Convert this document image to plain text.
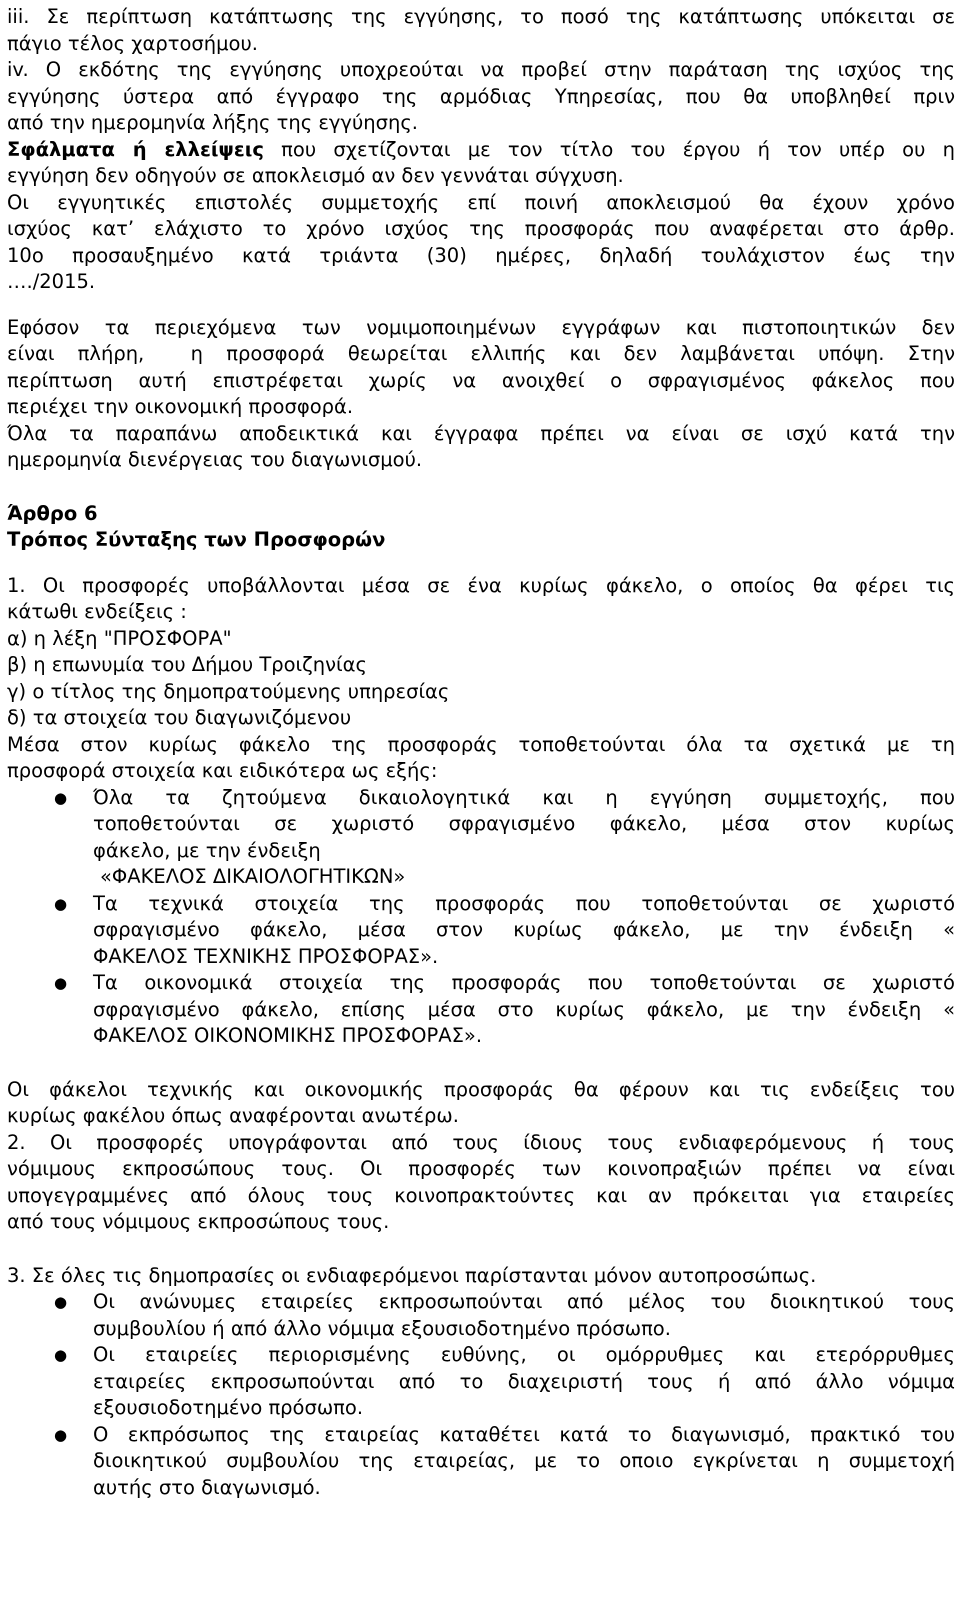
iii. Σε περίπτωση κατάπτωσης της εγγύησης, το ποσό της κατάπτωσης υπόκειται σε
πάγιο τέλος χαρτοσήμου.
iv. Ο εκδότης της εγγύησης υποχρεούται να προβεί στην παράταση της ισχύος της
εγγύησης ύστερα από έγγραφο της αρμόδιας Υπηρεσίας, που θα υποβληθεί πριν
από την ημερομηνία λήξης της εγγύησης.
Σφάλματα ή ελλείψεις που σχετίζονται με τον τίτλο του έργου ή τον υπέρ ου η
εγγύηση δεν οδηγούν σε αποκλεισμό αν δεν γεννάται σύγχυση.
Οι εγγυητικές επιστολές συμμετοχής επί ποινή αποκλεισμού θα έχουν χρόνο
ισχύος κατ’ ελάχιστο το χρόνο ισχύος της προσφοράς που αναφέρεται στο άρθρ.
10ο προσαυξημένο κατά τριάντα (30) ημέρες, δηλαδή τουλάχιστον έως την
…./2015.
Εφόσον τα περιεχόμενα των νομιμοποιημένων εγγράφων και πιστοποιητικών δεν
είναι πλήρη,  η προσφορά θεωρείται ελλιπής και δεν λαμβάνεται υπόψη. Στην
περίπτωση αυτή επιστρέφεται χωρίς να ανοιχθεί ο σφραγισμένος φάκελος που
περιέχει την οικονομική προσφορά.
Όλα τα παραπάνω αποδεικτικά και έγγραφα πρέπει να είναι σε ισχύ κατά την
ημερομηνία διενέργειας του διαγωνισμού.
Άρθρο 6
Τρόπος Σύνταξης των Προσφορών
1. Οι προσφορές υποβάλλονται μέσα σε ένα κυρίως φάκελο, ο οποίος θα φέρει τις
κάτωθι ενδείξεις :
α) η λέξη "ΠΡΟΣΦΟΡΑ"
β) η επωνυμία του Δήμου Τροιζηνίας
γ) ο τίτλος της δημοπρατούμενης υπηρεσίας
δ) τα στοιχεία του διαγωνιζόμενου
Μέσα στον κυρίως φάκελο της προσφοράς τοποθετούνται όλα τα σχετικά με τη
προσφορά στοιχεία και ειδικότερα ως εξής:
● Όλα τα ζητούμενα δικαιολογητικά και η εγγύηση συμμετοχής, που
τοποθετούνται σε χωριστό σφραγισμένο φάκελο, μέσα στον κυρίως
φάκελο, με την ένδειξη
«ΦΑΚΕΛΟΣ ΔΙΚΑΙΟΛΟΓΗΤΙΚΩΝ»
● Τα τεχνικά στοιχεία της προσφοράς που τοποθετούνται σε χωριστό
σφραγισμένο φάκελο, μέσα στον κυρίως φάκελο, με την ένδειξη «
ΦΑΚΕΛΟΣ ΤΕΧΝΙΚΗΣ ΠΡΟΣΦΟΡΑΣ».
● Τα οικονομικά στοιχεία της προσφοράς που τοποθετούνται σε χωριστό
σφραγισμένο φάκελο, επίσης μέσα στο κυρίως φάκελο, με την ένδειξη «
ΦΑΚΕΛΟΣ ΟΙΚΟΝΟΜΙΚΗΣ ΠΡΟΣΦΟΡΑΣ».
Οι φάκελοι τεχνικής και οικονομικής προσφοράς θα φέρουν και τις ενδείξεις του
κυρίως φακέλου όπως αναφέρονται ανωτέρω.
2. Οι προσφορές υπογράφονται από τους ίδιους τους ενδιαφερόμενους ή τους
νόμιμους εκπροσώπους τους. Οι προσφορές των κοινοπραξιών πρέπει να είναι
υπογεγραμμένες από όλους τους κοινοπρακτούντες και αν πρόκειται για εταιρείες
από τους νόμιμους εκπροσώπους τους.
3. Σε όλες τις δημοπρασίες οι ενδιαφερόμενοι παρίστανται μόνον αυτοπροσώπως.
● Οι ανώνυμες εταιρείες εκπροσωπούνται από μέλος του διοικητικού τους
συμβουλίου ή από άλλο νόμιμα εξουσιοδοτημένο πρόσωπο.
● Οι εταιρείες περιορισμένης ευθύνης, οι ομόρρυθμες και ετερόρρυθμες
εταιρείες εκπροσωπούνται από το διαχειριστή τους ή από άλλο νόμιμα
εξουσιοδοτημένο πρόσωπο.
● Ο εκπρόσωπος της εταιρείας καταθέτει κατά το διαγωνισμό, πρακτικό του
διοικητικού συμβουλίου της εταιρείας, με το οποιο εγκρίνεται η συμμετοχή
αυτής στο διαγωνισμό.
